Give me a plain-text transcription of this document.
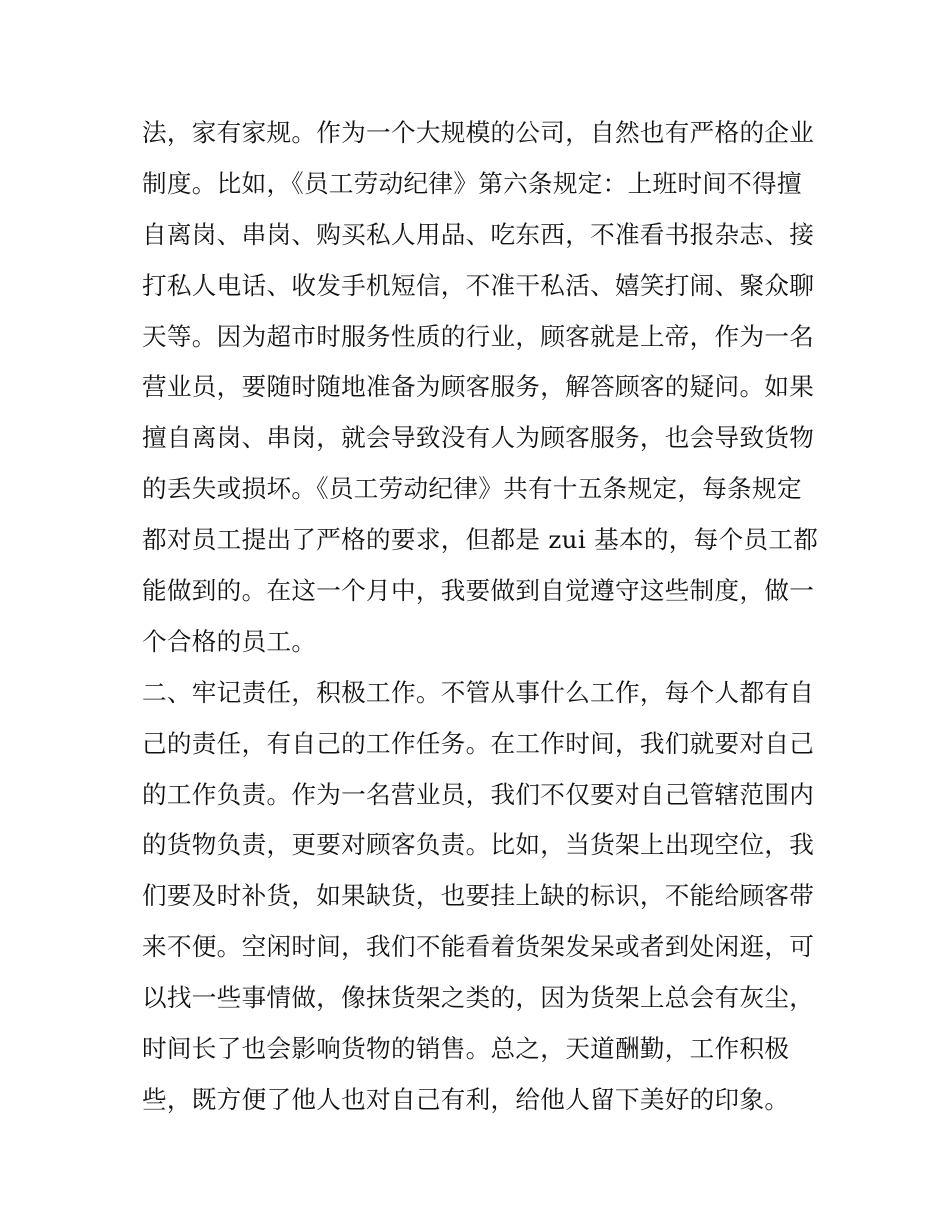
法，家有家规。作为一个大规模的公司，自然也有严格的企业
制度。比如，《员工劳动纪律》第六条规定：上班时间不得擅
自离岗、串岗、购买私人用品、吃东西，不准看书报杂志、接
打私人电话、收发手机短信，不准干私活、嬉笑打闹、聚众聊
天等。因为超市时服务性质的行业，顾客就是上帝，作为一名
营业员，要随时随地准备为顾客服务，解答顾客的疑问。如果
擅自离岗、串岗，就会导致没有人为顾客服务，也会导致货物
的丢失或损坏。《员工劳动纪律》共有十五条规定，每条规定
都对员工提出了严格的要求，但都是 zui 基本的，每个员工都
能做到的。在这一个月中，我要做到自觉遵守这些制度，做一
个合格的员工。
二、牢记责任，积极工作。不管从事什么工作，每个人都有自
己的责任，有自己的工作任务。在工作时间，我们就要对自己
的工作负责。作为一名营业员，我们不仅要对自己管辖范围内
的货物负责，更要对顾客负责。比如，当货架上出现空位，我
们要及时补货，如果缺货，也要挂上缺的标识，不能给顾客带
来不便。空闲时间，我们不能看着货架发呆或者到处闲逛，可
以找一些事情做，像抹货架之类的，因为货架上总会有灰尘，
时间长了也会影响货物的销售。总之，天道酬勤，工作积极
些，既方便了他人也对自己有利，给他人留下美好的印象。
